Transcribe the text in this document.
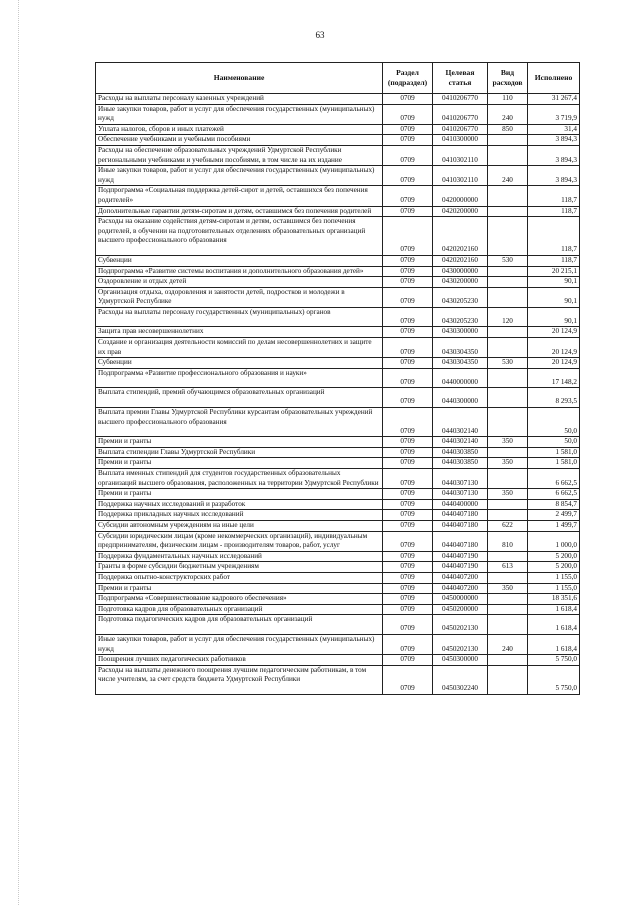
63
Наименование	Раздел (подраздел)	Целевая статья	Вид расходов	Исполнено
Расходы на выплаты персоналу казенных учреждений	0709	0410206770	110	31 267,4
Иные закупки товаров, работ и услуг для обеспечения государственных (муниципальных) нужд	0709	0410206770	240	3 719,9
Уплата налогов, сборов и иных платежей	0709	0410206770	850	31,4
Обеспечение учебниками и учебными пособиями	0709	0410300000		3 894,3
Расходы на обеспечение образовательных учреждений Удмуртской Республики региональными учебниками и учебными пособиями, в том числе на их издание	0709	0410302110		3 894,3
Иные закупки товаров, работ и услуг для обеспечения государственных (муниципальных) нужд	0709	0410302110	240	3 894,3
Подпрограмма «Социальная поддержка детей-сирот и детей, оставшихся без попечения родителей»	0709	0420000000		118,7
Дополнительные гарантии детям-сиротам и детям, оставшимся без попечения родителей	0709	0420200000		118,7
Расходы на оказание содействия детям-сиротам и детям, оставшимся без попечения родителей, в обучении на подготовительных отделениях образовательных организаций высшего профессионального образования	0709	0420202160		118,7
Субвенции	0709	0420202160	530	118,7
Подпрограмма «Развитие системы воспитания и дополнительного образования детей»	0709	0430000000		20 215,1
Оздоровление и отдых детей	0709	0430200000		90,1
Организация отдыха, оздоровления и занятости детей, подростков и молодежи в Удмуртской Республике	0709	0430205230		90,1
Расходы на выплаты персоналу государственных (муниципальных) органов	0709	0430205230	120	90,1
Защита прав несовершеннолетних	0709	0430300000		20 124,9
Создание и организация деятельности комиссий по делам несовершеннолетних и защите их прав	0709	0430304350		20 124,9
Субвенции	0709	0430304350	530	20 124,9
Подпрограмма «Развитие профессионального образования и науки»	0709	0440000000		17 148,2
Выплата стипендий, премий обучающимся образовательных организаций	0709	0440300000		8 293,5
Выплата премии Главы Удмуртской Республики курсантам образовательных учреждений высшего профессионального образования	0709	0440302140		50,0
Премии и гранты	0709	0440302140	350	50,0
Выплата стипендии Главы Удмуртской Республики	0709	0440303850		1 581,0
Премии и гранты	0709	0440303850	350	1 581,0
Выплата именных стипендий для студентов государственных образовательных организаций высшего образования, расположенных на территории Удмуртской Республики	0709	0440307130		6 662,5
Премии и гранты	0709	0440307130	350	6 662,5
Поддержка научных исследований и разработок	0709	0440400000		8 854,7
Поддержка прикладных научных исследований	0709	0440407180		2 499,7
Субсидии автономным учреждениям на иные цели	0709	0440407180	622	1 499,7
Субсидии юридическим лицам (кроме некоммерческих организаций), индивидуальным предпринимателям, физическим лицам - производителям товаров, работ, услуг	0709	0440407180	810	1 000,0
Поддержка фундаментальных научных исследований	0709	0440407190		5 200,0
Гранты в форме субсидии бюджетным учреждениям	0709	0440407190	613	5 200,0
Поддержка опытно-конструкторских работ	0709	0440407200		1 155,0
Премии и гранты	0709	0440407200	350	1 155,0
Подпрограмма «Совершенствование кадрового обеспечения»	0709	0450000000		18 351,6
Подготовка кадров для образовательных организаций	0709	0450200000		1 618,4
Подготовка педагогических кадров для образовательных организаций	0709	0450202130		1 618,4
Иные закупки товаров, работ и услуг для обеспечения государственных (муниципальных) нужд	0709	0450202130	240	1 618,4
Поощрения лучших педагогических работников	0709	0450300000		5 750,0
Расходы на выплаты денежного поощрения лучшим педагогическим работникам, в том числе учителям, за счет средств бюджета Удмуртской Республики	0709	0450302240		5 750,0
